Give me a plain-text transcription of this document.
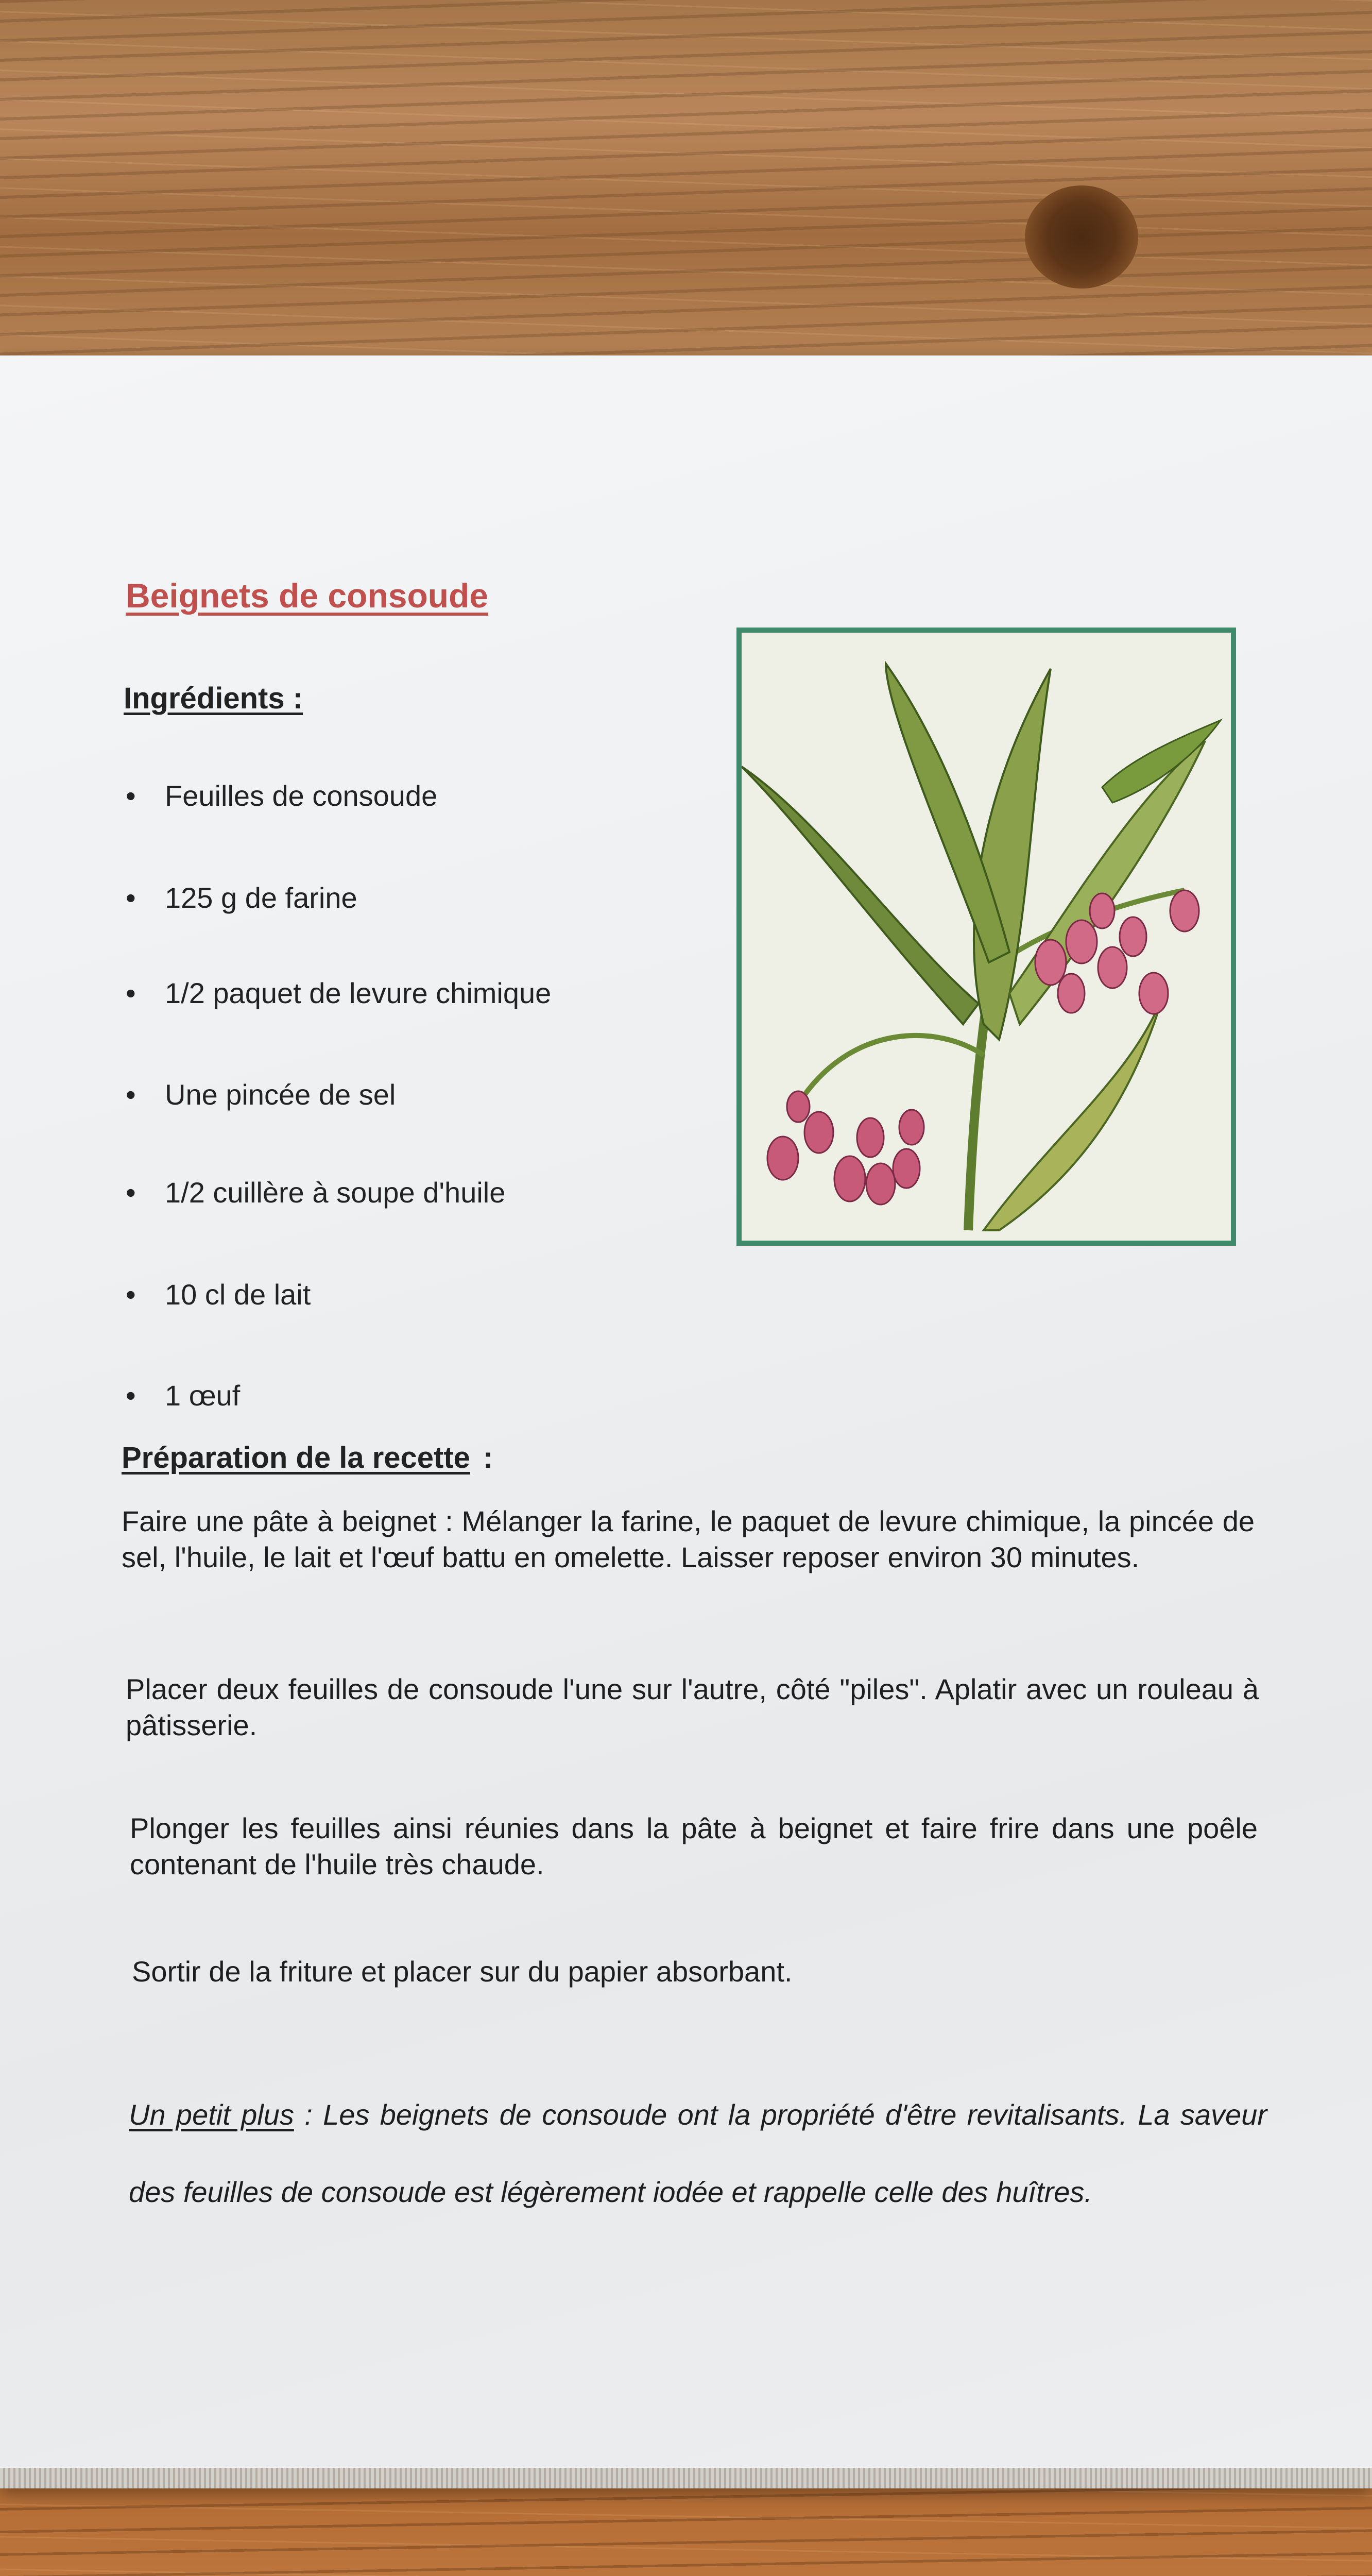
Beignets de consoude
Ingrédients :
• Feuilles de consoude
• 125 g de farine
• 1/2 paquet de levure chimique
• Une pincée de sel
• 1/2 cuillère à soupe d'huile
• 10 cl de lait
• 1 œuf
Préparation de la recette :

Faire une pâte à beignet : Mélanger la farine, le paquet de levure chimique, la pincée de sel, l'huile, le lait et l'œuf battu en omelette. Laisser reposer environ 30 minutes.

Placer deux feuilles de consoude l'une sur l'autre, côté "piles". Aplatir avec un rouleau à pâtisserie.

Plonger les feuilles ainsi réunies dans la pâte à beignet et faire frire dans une poêle contenant de l'huile très chaude.

Sortir de la friture et placer sur du papier absorbant.

Un petit plus : Les beignets de consoude ont la propriété d'être revitalisants. La saveur des feuilles de consoude est légèrement iodée et rappelle celle des huîtres.
